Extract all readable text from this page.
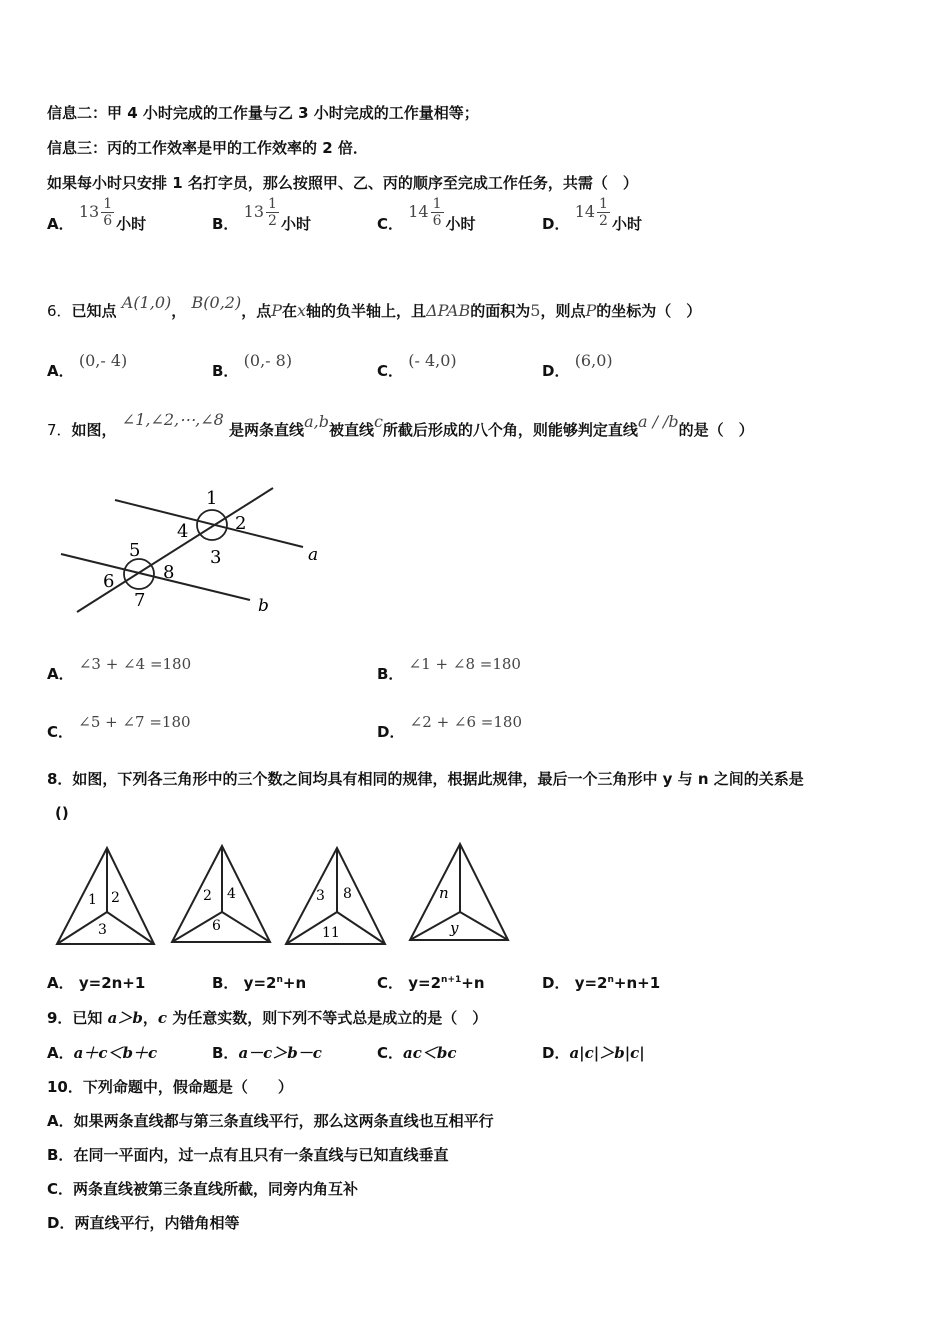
信息二：甲 4 小时完成的工作量与乙 3 小时完成的工作量相等；
信息三：丙的工作效率是甲的工作效率的 2 倍．
如果每小时只安排 1 名打字员，那么按照甲、乙、丙的顺序至完成工作任务，共需（　）
A． $13 \frac{1}{6}$ 小时	B． $13 \frac{1}{2}$ 小时	C． $14 \frac{1}{6}$ 小时	D． $14 \frac{1}{2}$ 小时
6．已知点 A(1,0)， B(0,2)，点P在x轴的负半轴上，且ΔPAB的面积为5，则点P的坐标为（　）
A． (0,- 4)
B． (0,- 8)
C． (- 4,0)
D． (6,0)
7．如图， ∠1,∠2,⋯,∠8 是两条直线a,b被直线c所截后形成的八个角，则能够判定直线a / /b的是（　）
1
2
3
4
5
6
7
8
a
b
A． ∠3 + ∠4 =180
B． ∠1 + ∠8 =180
C． ∠5 + ∠7 =180
D． ∠2 + ∠6 =180
8．如图，下列各三角形中的三个数之间均具有相同的规律，根据此规律，最后一个三角形中 y 与 n 之间的关系是
()
1 2
3
2 4
6
3 8
11
n
y
A． y=2n+1	B． $y=2^n+n$	C． $y=2^{n+1}+n$	D． $y=2^n+n+1$
9．已知 a＞b，c 为任意实数，则下列不等式总是成立的是（　）
A．a＋c＜b＋c	B．a－c＞b－c	C．ac＜bc	D．a|c|＞b|c|
10．下列命题中，假命题是（　　）
A．如果两条直线都与第三条直线平行，那么这两条直线也互相平行
B．在同一平面内，过一点有且只有一条直线与已知直线垂直
C．两条直线被第三条直线所截，同旁内角互补
D．两直线平行，内错角相等
